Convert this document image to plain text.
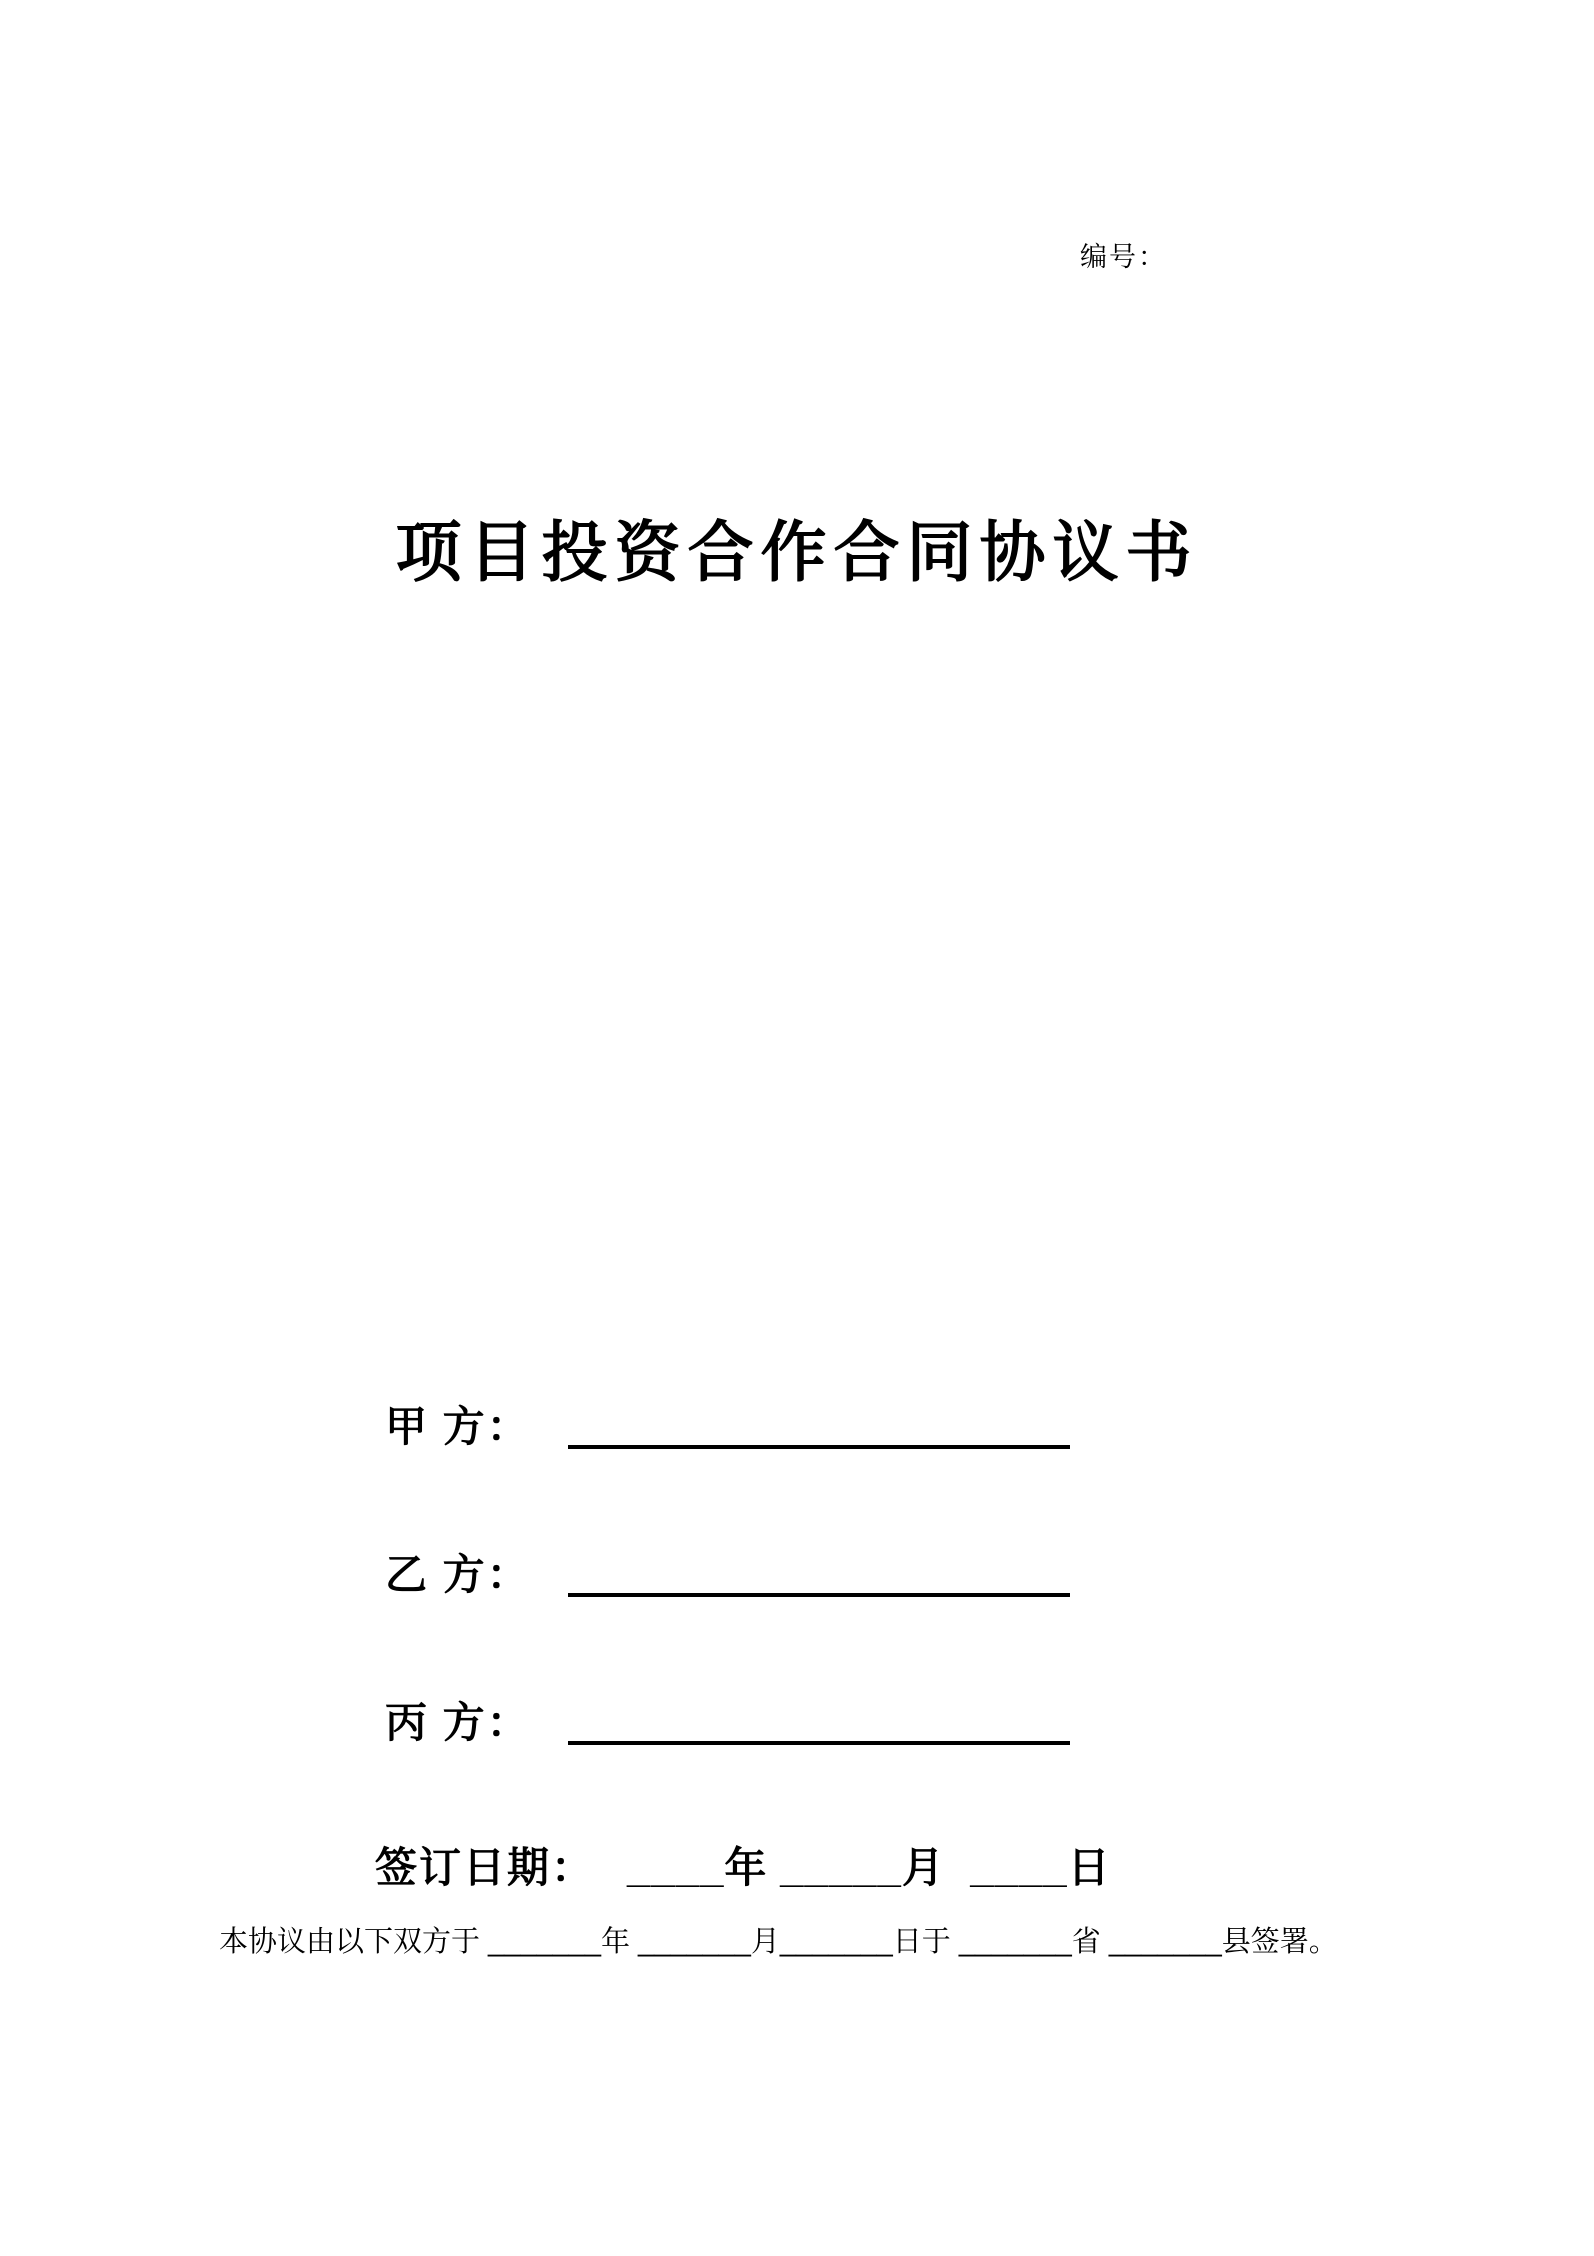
编号：
项目投资合作合同协议书
甲 方：
乙 方：
丙 方：
签订日期： ____年 _____月  ____日
本协议由以下双方于 _______年 _______月_______日于 _______省 _______县签署。
